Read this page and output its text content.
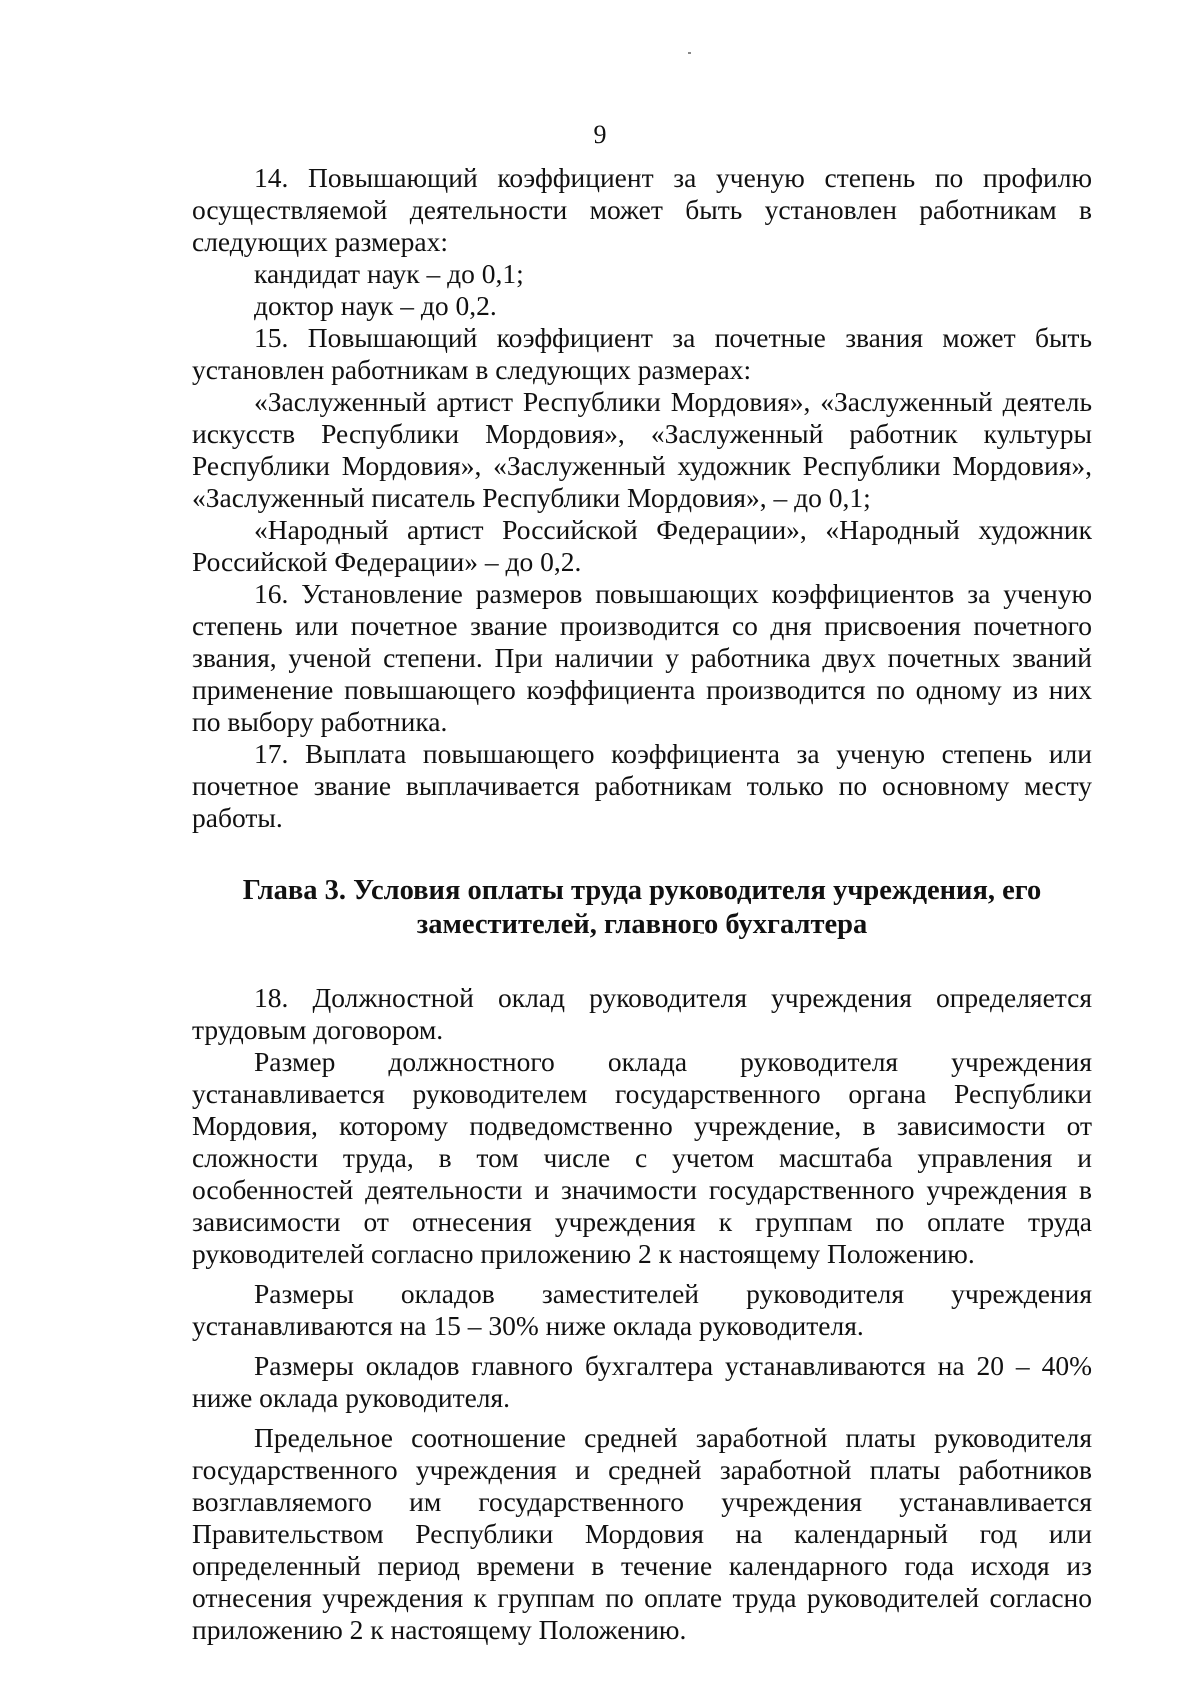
9

14. Повышающий коэффициент за ученую степень по профилю осуществляемой деятельности может быть установлен работникам в следующих размерах:

кандидат наук – до 0,1;

доктор наук – до 0,2.

15. Повышающий коэффициент за почетные звания может быть установлен работникам в следующих размерах:

«Заслуженный артист Республики Мордовия», «Заслуженный деятель искусств Республики Мордовия», «Заслуженный работник культуры Республики Мордовия», «Заслуженный художник Республики Мордовия», «Заслуженный писатель Республики Мордовия», – до 0,1;

«Народный артист Российской Федерации», «Народный художник Российской Федерации» – до 0,2.

16. Установление размеров повышающих коэффициентов за ученую степень или почетное звание производится со дня присвоения почетного звания, ученой степени. При наличии у работника двух почетных званий применение повышающего коэффициента производится по одному из них по выбору работника.

17. Выплата повышающего коэффициента за ученую степень или почетное звание выплачивается работникам только по основному месту работы.

Глава 3. Условия оплаты труда руководителя учреждения, его
заместителей, главного бухгалтера

18. Должностной оклад руководителя учреждения определяется трудовым договором.

Размер должностного оклада руководителя учреждения устанавливается руководителем государственного органа Республики Мордовия, которому подведомственно учреждение, в зависимости от сложности труда, в том числе с учетом масштаба управления и особенностей деятельности и значимости государственного учреждения в зависимости от отнесения учреждения к группам по оплате труда руководителей согласно приложению 2 к настоящему Положению.

Размеры окладов заместителей руководителя учреждения устанавливаются на 15 – 30% ниже оклада руководителя.

Размеры окладов главного бухгалтера устанавливаются на 20 – 40% ниже оклада руководителя.

Предельное соотношение средней заработной платы руководителя государственного учреждения и средней заработной платы работников возглавляемого им государственного учреждения устанавливается Правительством Республики Мордовия на календарный год или определенный период времени в течение календарного года исходя из отнесения учреждения к группам по оплате труда руководителей согласно приложению 2 к настоящему Положению.
